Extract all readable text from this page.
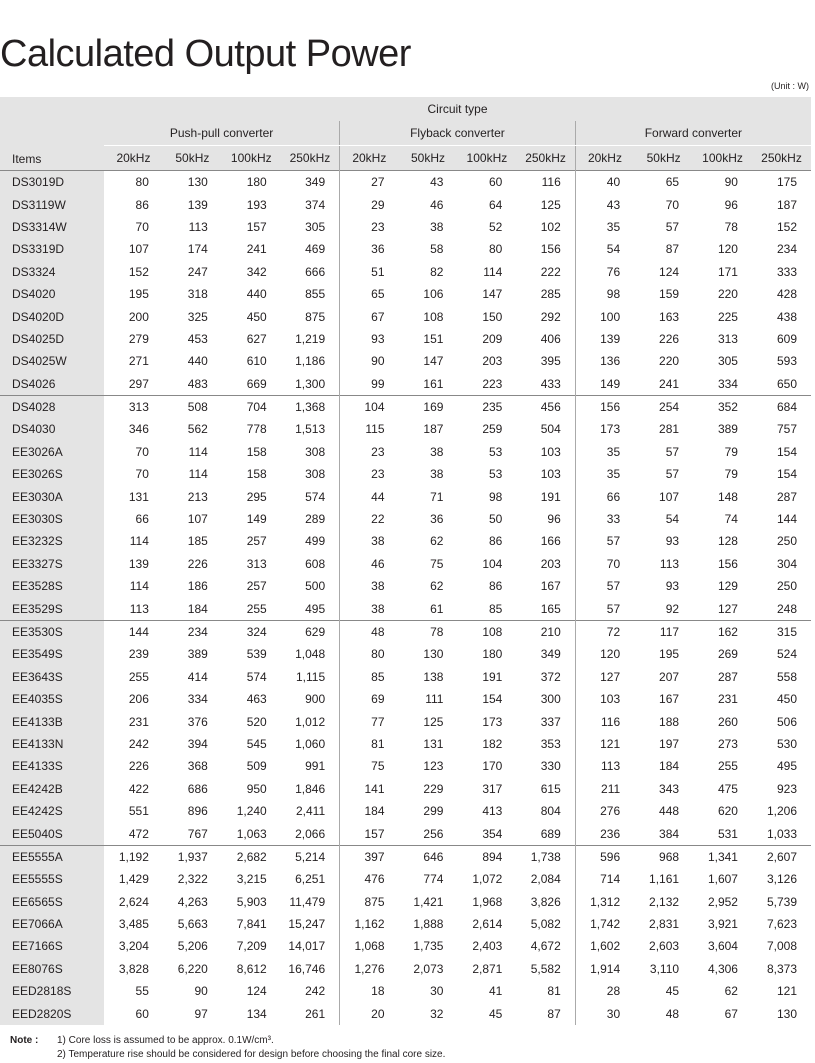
Calculated Output Power
(Unit : W)
Items	Circuit type											
	Push-pull converter				Flyback converter				Forward converter			
	20kHz	50kHz	100kHz	250kHz	20kHz	50kHz	100kHz	250kHz	20kHz	50kHz	100kHz	250kHz
DS3019D	80	130	180	349	27	43	60	116	40	65	90	175
DS3119W	86	139	193	374	29	46	64	125	43	70	96	187
DS3314W	70	113	157	305	23	38	52	102	35	57	78	152
DS3319D	107	174	241	469	36	58	80	156	54	87	120	234
DS3324	152	247	342	666	51	82	114	222	76	124	171	333
DS4020	195	318	440	855	65	106	147	285	98	159	220	428
DS4020D	200	325	450	875	67	108	150	292	100	163	225	438
DS4025D	279	453	627	1,219	93	151	209	406	139	226	313	609
DS4025W	271	440	610	1,186	90	147	203	395	136	220	305	593
DS4026	297	483	669	1,300	99	161	223	433	149	241	334	650
DS4028	313	508	704	1,368	104	169	235	456	156	254	352	684
DS4030	346	562	778	1,513	115	187	259	504	173	281	389	757
EE3026A	70	114	158	308	23	38	53	103	35	57	79	154
EE3026S	70	114	158	308	23	38	53	103	35	57	79	154
EE3030A	131	213	295	574	44	71	98	191	66	107	148	287
EE3030S	66	107	149	289	22	36	50	96	33	54	74	144
EE3232S	114	185	257	499	38	62	86	166	57	93	128	250
EE3327S	139	226	313	608	46	75	104	203	70	113	156	304
EE3528S	114	186	257	500	38	62	86	167	57	93	129	250
EE3529S	113	184	255	495	38	61	85	165	57	92	127	248
EE3530S	144	234	324	629	48	78	108	210	72	117	162	315
EE3549S	239	389	539	1,048	80	130	180	349	120	195	269	524
EE3643S	255	414	574	1,115	85	138	191	372	127	207	287	558
EE4035S	206	334	463	900	69	111	154	300	103	167	231	450
EE4133B	231	376	520	1,012	77	125	173	337	116	188	260	506
EE4133N	242	394	545	1,060	81	131	182	353	121	197	273	530
EE4133S	226	368	509	991	75	123	170	330	113	184	255	495
EE4242B	422	686	950	1,846	141	229	317	615	211	343	475	923
EE4242S	551	896	1,240	2,411	184	299	413	804	276	448	620	1,206
EE5040S	472	767	1,063	2,066	157	256	354	689	236	384	531	1,033
EE5555A	1,192	1,937	2,682	5,214	397	646	894	1,738	596	968	1,341	2,607
EE5555S	1,429	2,322	3,215	6,251	476	774	1,072	2,084	714	1,161	1,607	3,126
EE6565S	2,624	4,263	5,903	11,479	875	1,421	1,968	3,826	1,312	2,132	2,952	5,739
EE7066A	3,485	5,663	7,841	15,247	1,162	1,888	2,614	5,082	1,742	2,831	3,921	7,623
EE7166S	3,204	5,206	7,209	14,017	1,068	1,735	2,403	4,672	1,602	2,603	3,604	7,008
EE8076S	3,828	6,220	8,612	16,746	1,276	2,073	2,871	5,582	1,914	3,110	4,306	8,373
EED2818S	55	90	124	242	18	30	41	81	28	45	62	121
EED2820S	60	97	134	261	20	32	45	87	30	48	67	130
Note :	1) Core loss is assumed to be approx. 0.1W/cm³.
2) Temperature rise should be considered for design before choosing the final core size.
